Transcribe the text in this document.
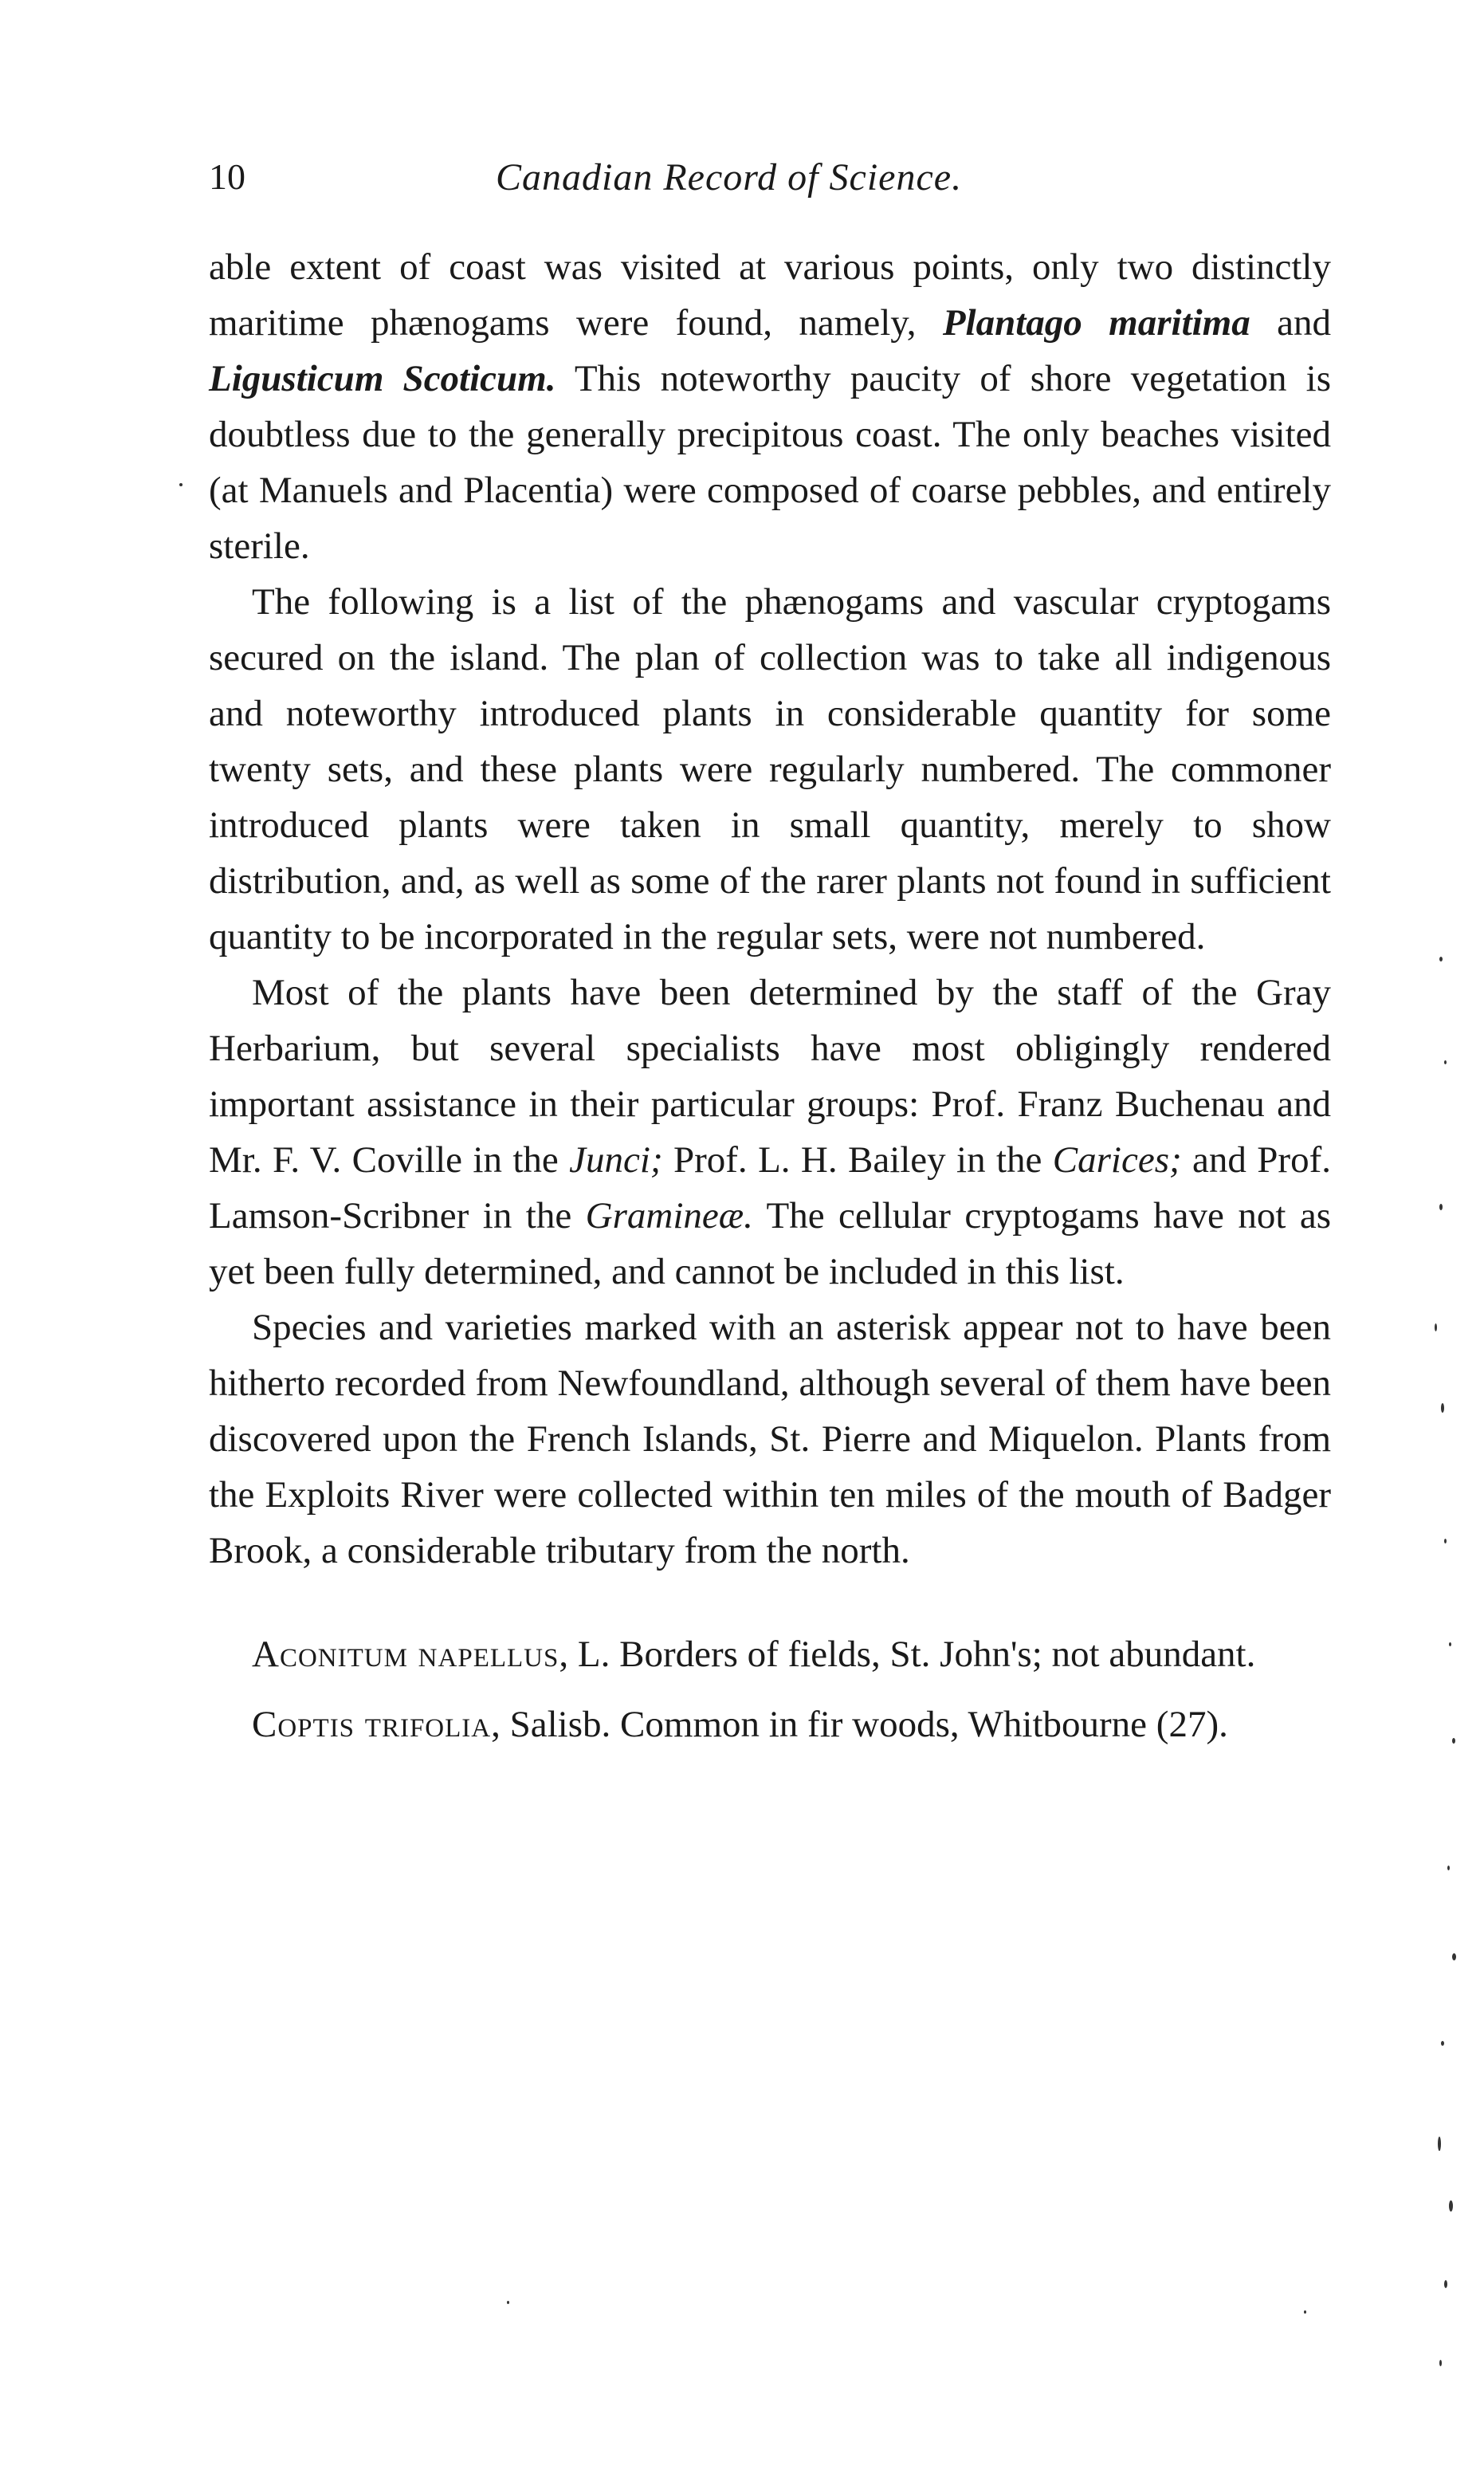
10	Canadian Record of Science.

able extent of coast was visited at various points, only two distinctly maritime phænogams were found, namely, Plantago maritima and Ligusticum Scoticum. This noteworthy paucity of shore vegetation is doubtless due to the generally precipitous coast. The only beaches visited (at Manuels and Placentia) were composed of coarse pebbles, and entirely sterile.

The following is a list of the phænogams and vascular cryptogams secured on the island. The plan of collection was to take all indigenous and noteworthy introduced plants in considerable quantity for some twenty sets, and these plants were regularly numbered. The commoner introduced plants were taken in small quantity, merely to show distribution, and, as well as some of the rarer plants not found in sufficient quantity to be incorporated in the regular sets, were not numbered.

Most of the plants have been determined by the staff of the Gray Herbarium, but several specialists have most obligingly rendered important assistance in their particular groups: Prof. Franz Buchenau and Mr. F. V. Coville in the Junci; Prof. L. H. Bailey in the Carices; and Prof. Lamson-Scribner in the Gramineæ. The cellular cryptogams have not as yet been fully determined, and cannot be included in this list.

Species and varieties marked with an asterisk appear not to have been hitherto recorded from Newfoundland, although several of them have been discovered upon the French Islands, St. Pierre and Miquelon. Plants from the Exploits River were collected within ten miles of the mouth of Badger Brook, a considerable tributary from the north.

Aconitum napellus, L. Borders of fields, St. John's; not abundant.

Coptis trifolia, Salisb. Common in fir woods, Whitbourne (27).
